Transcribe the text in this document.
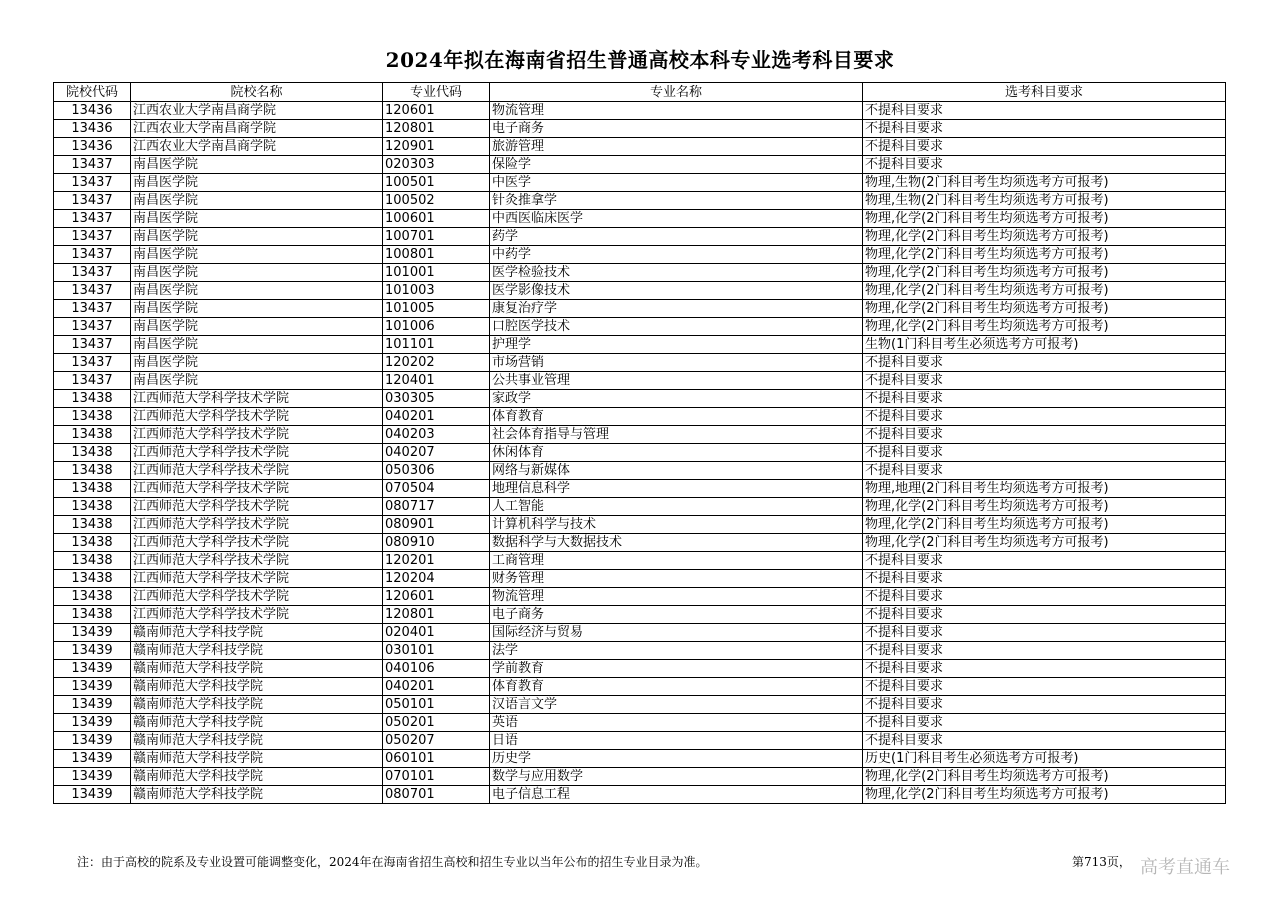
2024年拟在海南省招生普通高校本科专业选考科目要求
院校代码	院校名称	专业代码	专业名称	选考科目要求
13436	江西农业大学南昌商学院	120601	物流管理	不提科目要求
13436	江西农业大学南昌商学院	120801	电子商务	不提科目要求
13436	江西农业大学南昌商学院	120901	旅游管理	不提科目要求
13437	南昌医学院	020303	保险学	不提科目要求
13437	南昌医学院	100501	中医学	物理,生物(2门科目考生均须选考方可报考)
13437	南昌医学院	100502	针灸推拿学	物理,生物(2门科目考生均须选考方可报考)
13437	南昌医学院	100601	中西医临床医学	物理,化学(2门科目考生均须选考方可报考)
13437	南昌医学院	100701	药学	物理,化学(2门科目考生均须选考方可报考)
13437	南昌医学院	100801	中药学	物理,化学(2门科目考生均须选考方可报考)
13437	南昌医学院	101001	医学检验技术	物理,化学(2门科目考生均须选考方可报考)
13437	南昌医学院	101003	医学影像技术	物理,化学(2门科目考生均须选考方可报考)
13437	南昌医学院	101005	康复治疗学	物理,化学(2门科目考生均须选考方可报考)
13437	南昌医学院	101006	口腔医学技术	物理,化学(2门科目考生均须选考方可报考)
13437	南昌医学院	101101	护理学	生物(1门科目考生必须选考方可报考)
13437	南昌医学院	120202	市场营销	不提科目要求
13437	南昌医学院	120401	公共事业管理	不提科目要求
13438	江西师范大学科学技术学院	030305	家政学	不提科目要求
13438	江西师范大学科学技术学院	040201	体育教育	不提科目要求
13438	江西师范大学科学技术学院	040203	社会体育指导与管理	不提科目要求
13438	江西师范大学科学技术学院	040207	休闲体育	不提科目要求
13438	江西师范大学科学技术学院	050306	网络与新媒体	不提科目要求
13438	江西师范大学科学技术学院	070504	地理信息科学	物理,地理(2门科目考生均须选考方可报考)
13438	江西师范大学科学技术学院	080717	人工智能	物理,化学(2门科目考生均须选考方可报考)
13438	江西师范大学科学技术学院	080901	计算机科学与技术	物理,化学(2门科目考生均须选考方可报考)
13438	江西师范大学科学技术学院	080910	数据科学与大数据技术	物理,化学(2门科目考生均须选考方可报考)
13438	江西师范大学科学技术学院	120201	工商管理	不提科目要求
13438	江西师范大学科学技术学院	120204	财务管理	不提科目要求
13438	江西师范大学科学技术学院	120601	物流管理	不提科目要求
13438	江西师范大学科学技术学院	120801	电子商务	不提科目要求
13439	赣南师范大学科技学院	020401	国际经济与贸易	不提科目要求
13439	赣南师范大学科技学院	030101	法学	不提科目要求
13439	赣南师范大学科技学院	040106	学前教育	不提科目要求
13439	赣南师范大学科技学院	040201	体育教育	不提科目要求
13439	赣南师范大学科技学院	050101	汉语言文学	不提科目要求
13439	赣南师范大学科技学院	050201	英语	不提科目要求
13439	赣南师范大学科技学院	050207	日语	不提科目要求
13439	赣南师范大学科技学院	060101	历史学	历史(1门科目考生必须选考方可报考)
13439	赣南师范大学科技学院	070101	数学与应用数学	物理,化学(2门科目考生均须选考方可报考)
13439	赣南师范大学科技学院	080701	电子信息工程	物理,化学(2门科目考生均须选考方可报考)
注：由于高校的院系及专业设置可能调整变化，2024年在海南省招生高校和招生专业以当年公布的招生专业目录为准。	第713页， 高考直通车
